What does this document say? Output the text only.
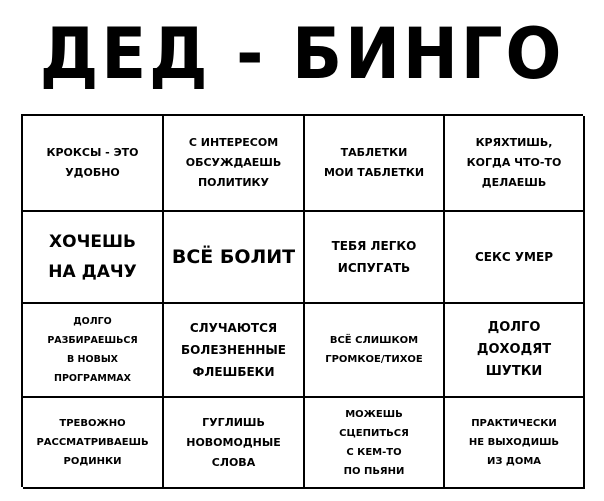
ДЕД - БИНГО
КРОКСЫ - ЭТО
УДОБНО
С ИНТЕРЕСОМ
ОБСУЖДАЕШЬ
ПОЛИТИКУ
ТАБЛЕТКИ
МОИ ТАБЛЕТКИ
КРЯХТИШЬ,
КОГДА ЧТО-ТО
ДЕЛАЕШЬ
ХОЧЕШЬ
НА ДАЧУ
ВСЁ БОЛИТ	ТЕБЯ ЛЕГКО
ИСПУГАТЬ
СЕКС УМЕР
ДОЛГО
РАЗБИРАЕШЬСЯ
В НОВЫХ
ПРОГРАММАХ
СЛУЧАЮТСЯ
БОЛЕЗНЕННЫЕ
ФЛЕШБЕКИ
ВСЁ СЛИШКОМ
ГРОМКОЕ/ТИХОЕ
ДОЛГО
ДОХОДЯТ
ШУТКИ
ТРЕВОЖНО
РАССМАТРИВАЕШЬ
РОДИНКИ
ГУГЛИШЬ
НОВОМОДНЫЕ
СЛОВА
МОЖЕШЬ
СЦЕПИТЬСЯ
С КЕМ-ТО
ПО ПЬЯНИ
ПРАКТИЧЕСКИ
НЕ ВЫХОДИШЬ
ИЗ ДОМА
